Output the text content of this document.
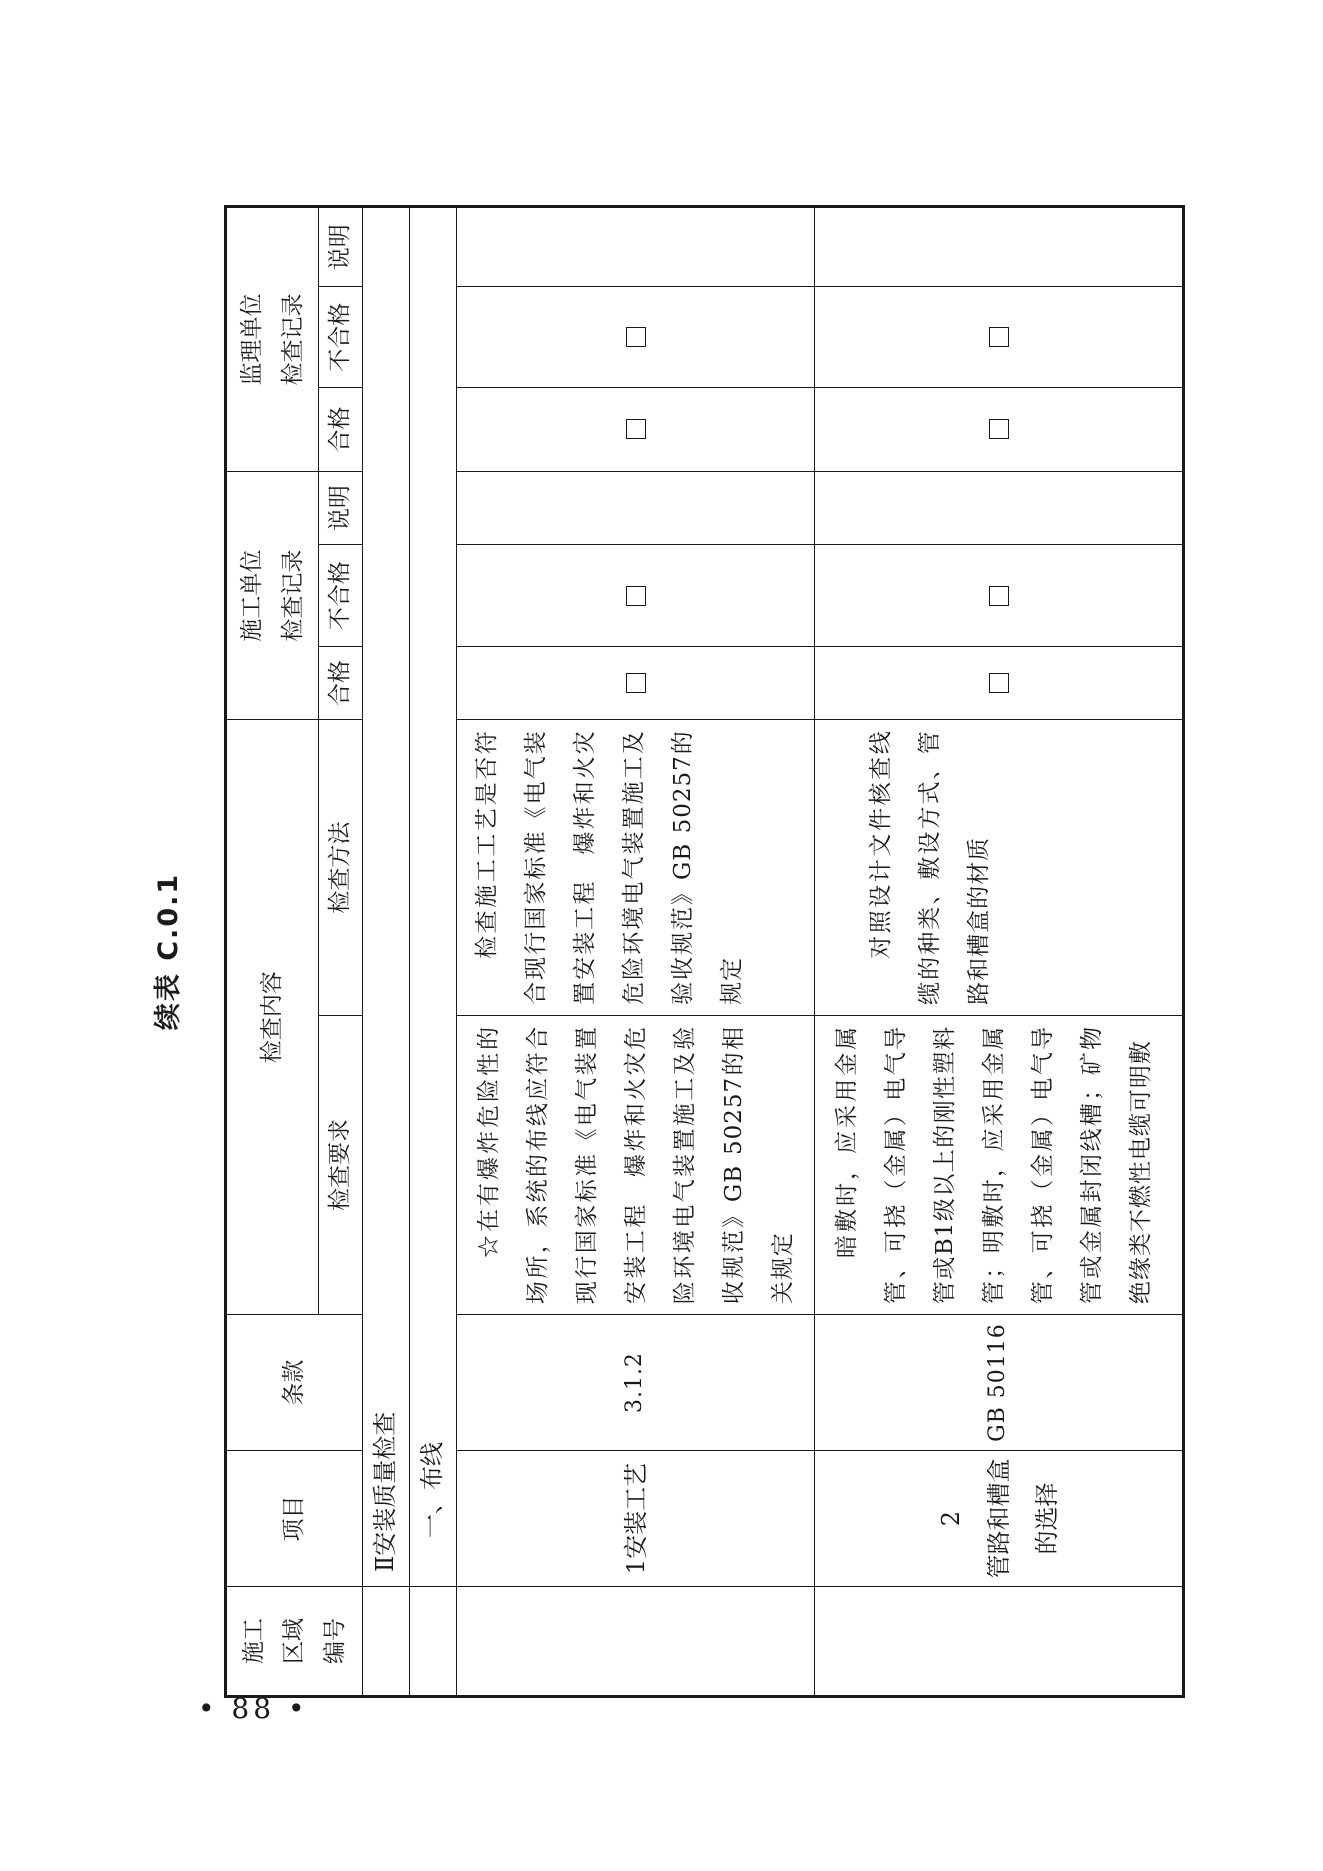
续表 C.0.1
施工区域编号	项目	条款	检查内容		施工单位 检查记录			监理单位 检查记录		
			检查要求	检查方法	合格	不合格	说明	合格	不合格	说明
	Ⅱ安装质量检查									
	一、布线									
	1安装工艺	3.1.2	☆在有爆炸危险性的场所，系统的布线应符合现行国家标准《电气装置安装工程　爆炸和火灾危险环境电气装置施工及验收规范》GB 50257的相关规定	检查施工工艺是否符合现行国家标准《电气装置安装工程　爆炸和火灾危险环境电气装置施工及验收规范》GB 50257的规定						

	2 管路和槽盒的选择	GB 50116	暗敷时，应采用金属管、可挠（金属）电气导管或B1级以上的刚性塑料管；明敷时，应采用金属管、可挠（金属）电气导管或金属封闭线槽；矿物绝缘类不燃性电缆可明敷	对照设计文件核查线缆的种类、敷设方式、管路和槽盒的材质						

• 88 •
